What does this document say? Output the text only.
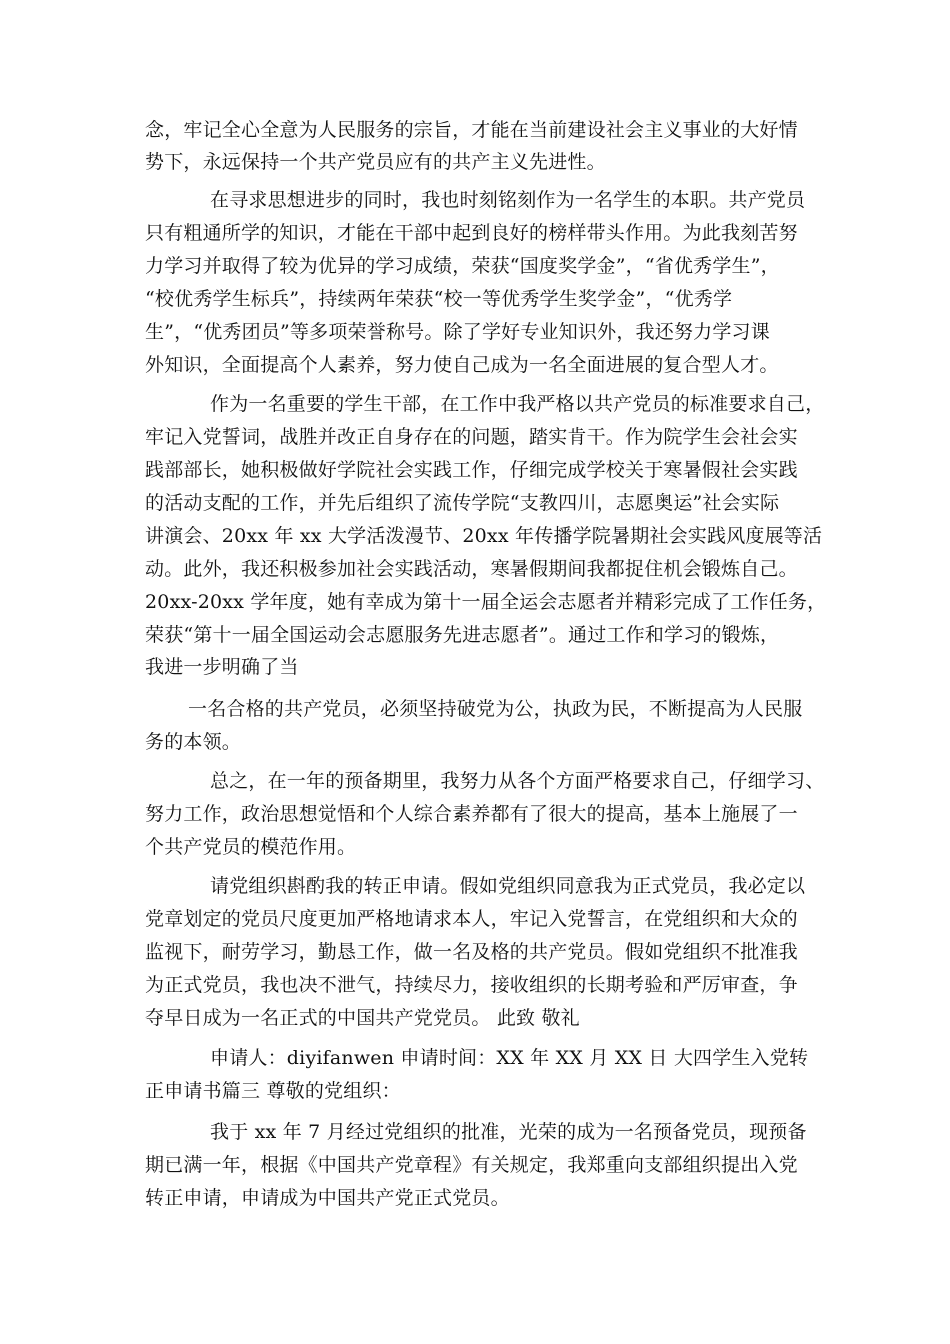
念，牢记全心全意为人民服务的宗旨，才能在当前建设社会主义事业的大好情
势下，永远保持一个共产党员应有的共产主义先进性。
在寻求思想进步的同时，我也时刻铭刻作为一名学生的本职。共产党员
只有粗通所学的知识，才能在干部中起到良好的榜样带头作用。为此我刻苦努
力学习并取得了较为优异的学习成绩，荣获“国度奖学金”，“省优秀学生”，
“校优秀学生标兵”，持续两年荣获“校一等优秀学生奖学金”，“优秀学
生”，“优秀团员”等多项荣誉称号。除了学好专业知识外，我还努力学习课
外知识，全面提高个人素养，努力使自己成为一名全面进展的复合型人才。
作为一名重要的学生干部，在工作中我严格以共产党员的标准要求自己，
牢记入党誓词，战胜并改正自身存在的问题，踏实肯干。作为院学生会社会实
践部部长，她积极做好学院社会实践工作，仔细完成学校关于寒暑假社会实践
的活动支配的工作，并先后组织了流传学院“支教四川，志愿奥运”社会实际
讲演会、20xx 年 xx 大学活泼漫节、20xx 年传播学院暑期社会实践风度展等活
动。此外，我还积极参加社会实践活动，寒暑假期间我都捉住机会锻炼自己。
20xx-20xx 学年度，她有幸成为第十一届全运会志愿者并精彩完成了工作任务，
荣获“第十一届全国运动会志愿服务先进志愿者”。通过工作和学习的锻炼，
我进一步明确了当
一名合格的共产党员，必须坚持破党为公，执政为民，不断提高为人民服
务的本领。
总之，在一年的预备期里，我努力从各个方面严格要求自己，仔细学习、
努力工作，政治思想觉悟和个人综合素养都有了很大的提高，基本上施展了一
个共产党员的模范作用。
请党组织斟酌我的转正申请。假如党组织同意我为正式党员，我必定以
党章划定的党员尺度更加严格地请求本人，牢记入党誓言，在党组织和大众的
监视下，耐劳学习，勤恳工作，做一名及格的共产党员。假如党组织不批准我
为正式党员，我也决不泄气，持续尽力，接收组织的长期考验和严厉审查，争
夺早日成为一名正式的中国共产党党员。 此致 敬礼
申请人：diyifanwen 申请时间：XX 年 XX 月 XX 日 大四学生入党转
正申请书篇三 尊敬的党组织：
我于 xx 年 7 月经过党组织的批准，光荣的成为一名预备党员，现预备
期已满一年，根据《中国共产党章程》有关规定，我郑重向支部组织提出入党
转正申请，申请成为中国共产党正式党员。
